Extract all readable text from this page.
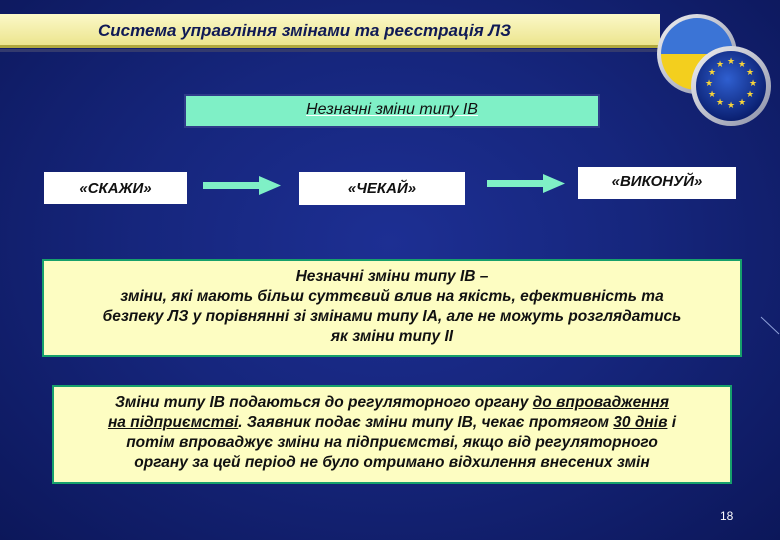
Система управління змінами та реєстрація ЛЗ
★ ★
★
★
★
★
★
★
★
★
★
★
Незначні зміни типу ІВ
«СКАЖИ»	«ЧЕКАЙ»	«ВИКОНУЙ»
Незначні зміни типу ІВ –
зміни, які мають більш суттєвий влив на якість, ефективність та
безпеку ЛЗ у порівнянні зі змінами типу ІА, але не можуть розглядатись
як зміни типу ІІ
Зміни типу ІВ подаються до регуляторного органу до впровадження
на підприємстві. Заявник подає зміни типу ІВ, чекає протягом 30 днів і
потім впроваджує зміни на підприємстві, якщо від регуляторного
органу за цей період не було отримано відхилення внесених змін
18
